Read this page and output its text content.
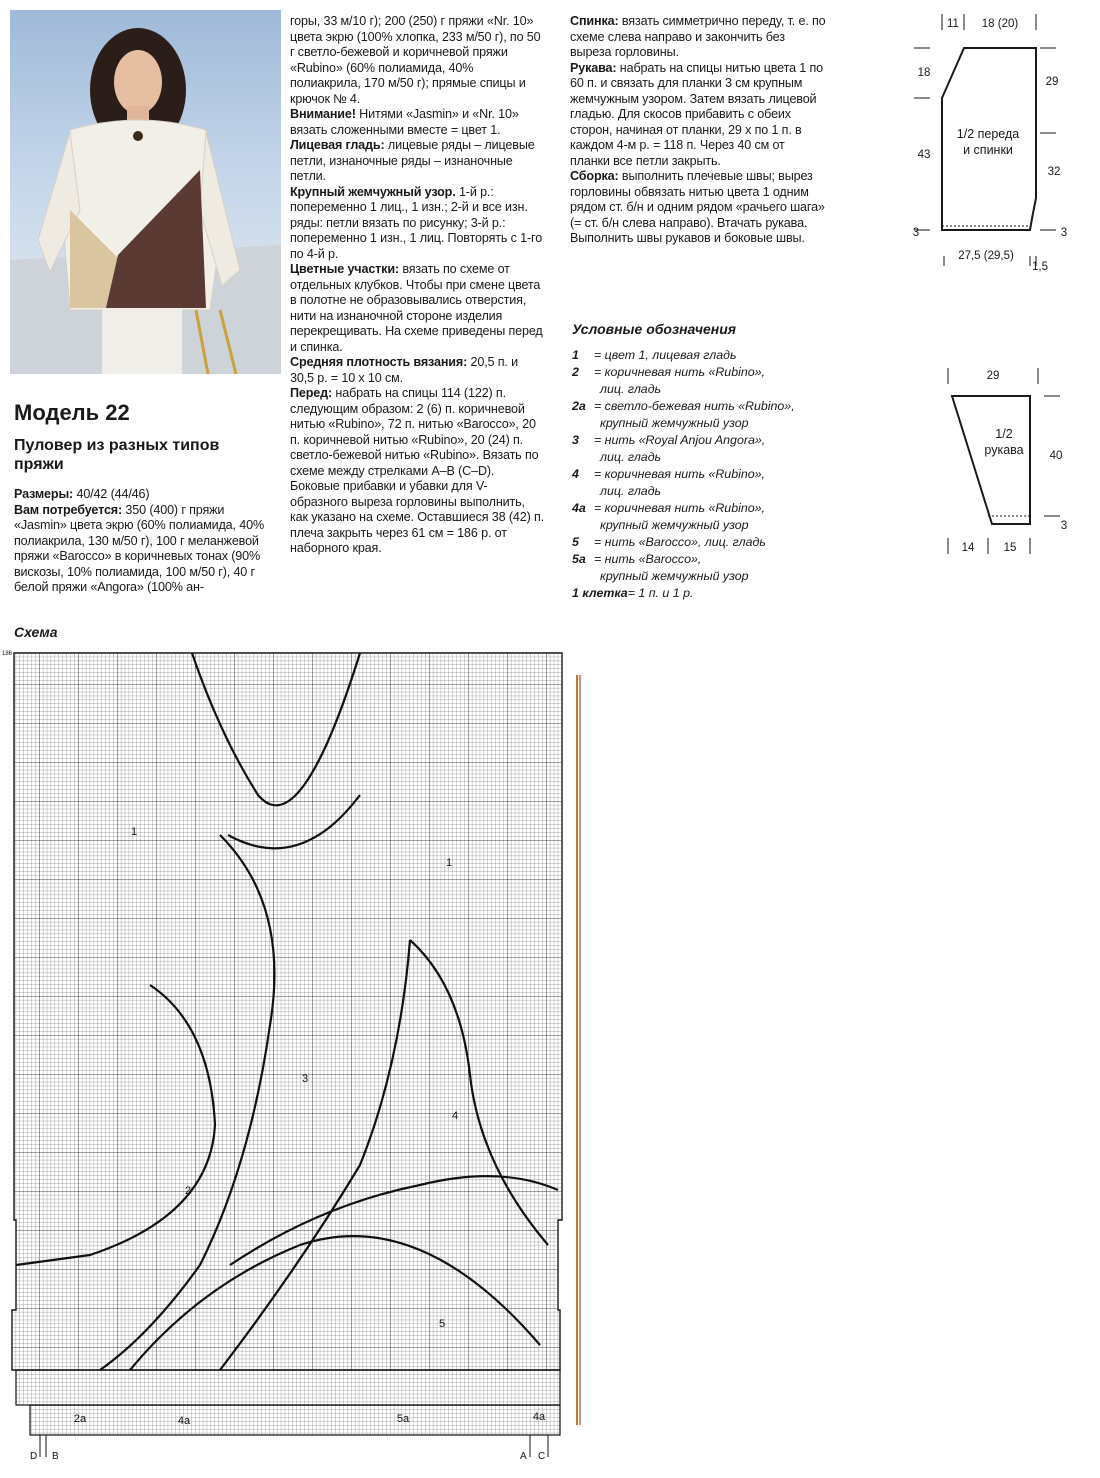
Модель 22
Пуловер из разных типов пряжи
Размеры: 40/42 (44/46)
Вам потребуется: 350 (400) г пряжи «Jasmin» цвета экрю (60% полиамида, 40% полиакрила, 130 м/50 г), 100 г меланжевой пряжи «Barocco» в коричневых тонах (90% вискозы, 10% полиамида, 100 м/50 г), 40 г белой пряжи «Angora» (100% ан-
горы, 33 м/10 г); 200 (250) г пряжи «Nr. 10» цвета экрю (100% хлопка, 233 м/50 г), по 50 г светло-бежевой и коричневой пряжи «Rubino» (60% полиамида, 40% полиакрила, 170 м/50 г); прямые спицы и крючок № 4.
Внимание! Нитями «Jasmin» и «Nr. 10» вязать сложенными вместе = цвет 1.
Лицевая гладь: лицевые ряды – лицевые петли, изнаночные ряды – изнаночные петли.
Крупный жемчужный узор. 1-й р.: попеременно 1 лиц., 1 изн.; 2-й и все изн. ряды: петли вязать по рисунку; 3-й р.: попеременно 1 изн., 1 лиц. Повторять с 1-го по 4-й р.
Цветные участки: вязать по схеме от отдельных клубков. Чтобы при смене цвета в полотне не образовывались отверстия, нити на изнаночной стороне изделия перекрещивать. На схеме приведены перед и спинка.
Средняя плотность вязания: 20,5 п. и 30,5 р. = 10 х 10 см.
Перед: набрать на спицы 114 (122) п. следующим образом: 2 (6) п. коричневой нитью «Rubino», 72 п. нитью «Barocco», 20 п. коричневой нитью «Rubino», 20 (24) п. светло-бежевой нитью «Rubino». Вязать по схеме между стрелками A–B (C–D). Боковые прибавки и убавки для V-образного выреза горловины выполнить, как указано на схеме. Оставшиеся 38 (42) п. плеча закрыть через 61 см = 186 р. от наборного края.
Спинка: вязать симметрично переду, т. е. по схеме слева направо и закончить без выреза горловины.
Рукава: набрать на спицы нитью цвета 1 по 60 п. и связать для планки 3 см крупным жемчужным узором. Затем вязать лицевой гладью. Для скосов прибавить с обеих сторон, начиная от планки, 29 х по 1 п. в каждом 4-м р. = 118 п. Через 40 см от планки все петли закрыть.
Сборка: выполнить плечевые швы; вырез горловины обвязать нитью цвета 1 одним рядом ст. б/н и одним рядом «рачьего шага» (= ст. б/н слева направо). Втачать рукава. Выполнить швы рукавов и боковые швы.
Условные обозначения
1	= цвет 1, лицевая гладь
2	= коричневая нить «Rubino»,
лиц. гладь
2a = светло-бежевая нить «Rubino»,
крупный жемчужный узор
3	= нить «Royal Anjou Angora»,
лиц. гладь
4	= коричневая нить «Rubino»,
лиц. гладь
4a = коричневая нить «Rubino»,
крупный жемчужный узор
5	= нить «Barocco», лиц. гладь
5a = нить «Barocco»,
крупный жемчужный узор
1 клетка = 1 п. и 1 р.
11 18 (20)
18
43
29
32
1/2 переда
и спинки
3	3
27,5 (29,5)
1,5
29
40
1/2
рукава
3
14	15
Схема
186
1
1
3
4
2
5
2a	4a	5a	4a
D B	A C
